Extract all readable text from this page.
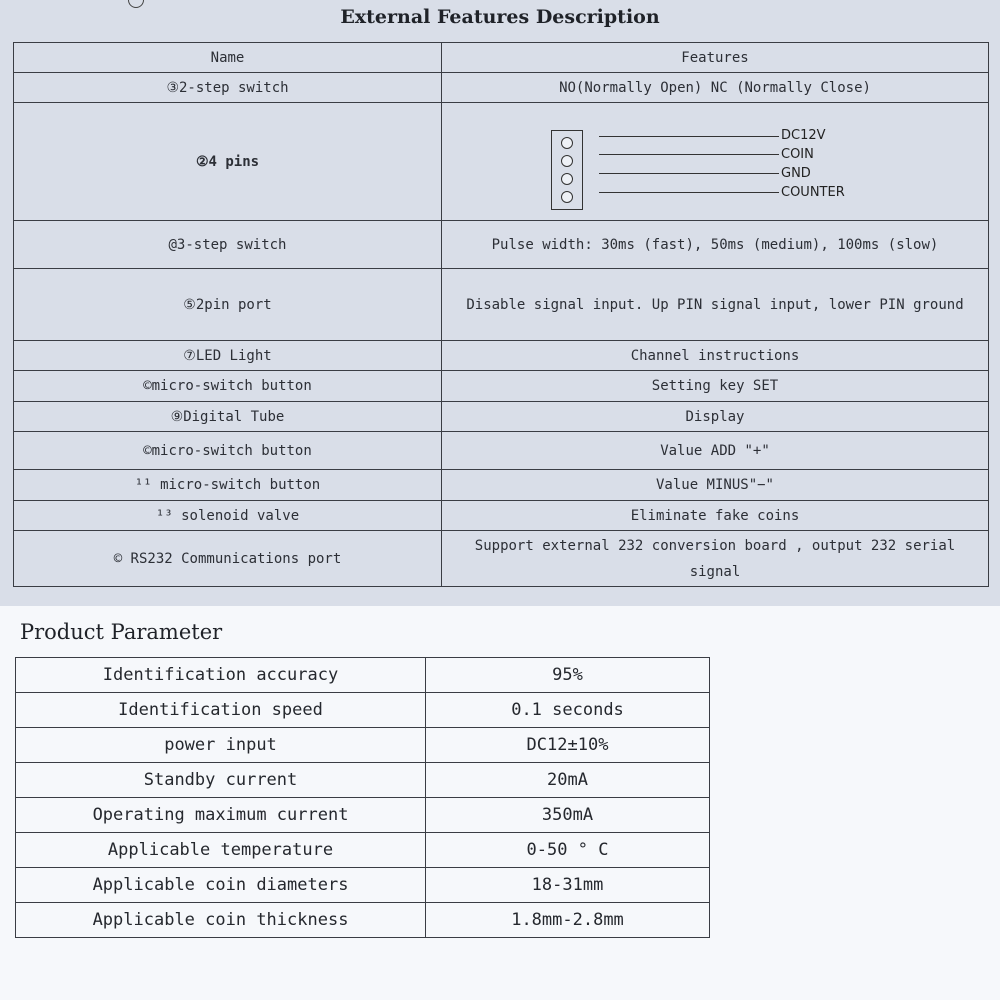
External Features Description
Name	Features
③2-step switch	NO(Normally Open) NC (Normally Close)
②4 pins	DC12V
COIN
GND
COUNTER

@3-step switch	Pulse width: 30ms (fast), 50ms (medium), 100ms (slow)
⑤2pin port	Disable signal input. Up PIN signal input, lower PIN ground
⑦LED Light	Channel instructions
©micro-switch button	Setting key SET
⑨Digital Tube	Display
©micro-switch button	Value ADD "+"
¹¹ micro-switch button	Value MINUS"−"
¹³ solenoid valve	Eliminate fake coins
© RS232 Communications port	Support external 232 conversion board , output 232 serial signal
Product Parameter
Identification accuracy	95%
Identification speed	0.1 seconds
power input	DC12±10%
Standby current	20mA
Operating maximum current	350mA
Applicable temperature	0-50 ° C
Applicable coin diameters	18-31mm
Applicable coin thickness	1.8mm-2.8mm
